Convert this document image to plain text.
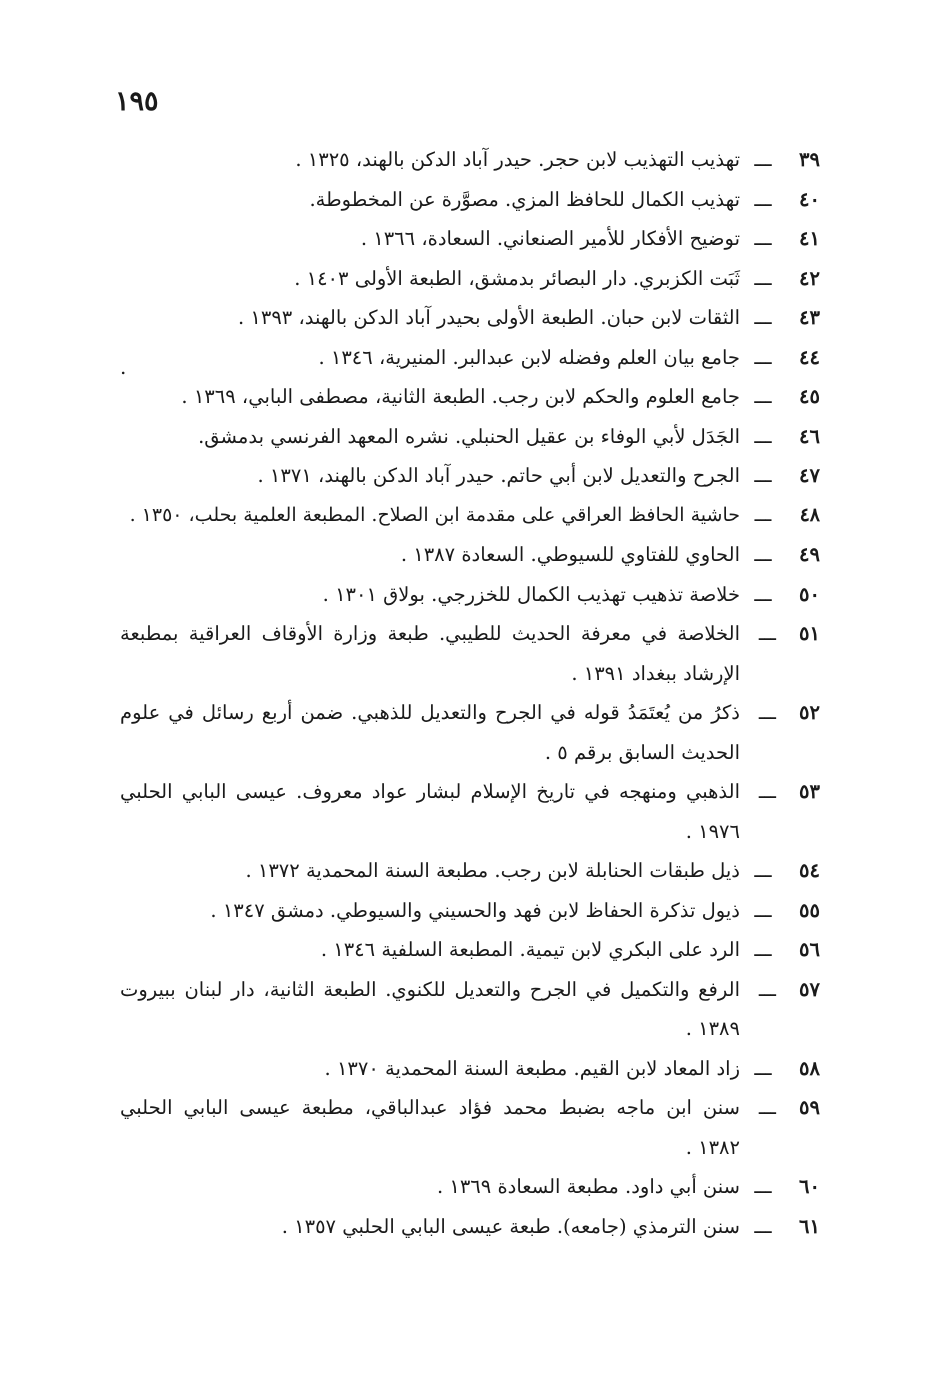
١٩٥
.
٣٩
ـــ
تهذيب التهذيب لابن حجر. حيدر آباد الدكن بالهند، ١٣٢٥ .
٤٠
ـــ
تهذيب الكمال للحافظ المزي. مصوَّرة عن المخطوطة.
٤١
ـــ
توضيح الأفكار للأمير الصنعاني. السعادة، ١٣٦٦ .
٤٢
ـــ
ثَبَت الكزبري. دار البصائر بدمشق، الطبعة الأولى ١٤٠٣ .
٤٣
ـــ
الثقات لابن حبان. الطبعة الأولى بحيدر آباد الدكن بالهند، ١٣٩٣ .
٤٤
ـــ
جامع بيان العلم وفضله لابن عبدالبر. المنيرية، ١٣٤٦ .
٤٥
ـــ
جامع العلوم والحكم لابن رجب. الطبعة الثانية، مصطفى البابي، ١٣٦٩ .
٤٦
ـــ
الجَدَل لأبي الوفاء بن عقيل الحنبلي. نشره المعهد الفرنسي بدمشق.
٤٧
ـــ
الجرح والتعديل لابن أبي حاتم. حيدر آباد الدكن بالهند، ١٣٧١ .
٤٨
ـــ
حاشية الحافظ العراقي على مقدمة ابن الصلاح. المطبعة العلمية بحلب، ١٣٥٠ .
٤٩
ـــ
الحاوي للفتاوي للسيوطي. السعادة ١٣٨٧ .
٥٠
ـــ
خلاصة تذهيب تهذيب الكمال للخزرجي. بولاق ١٣٠١ .
٥١
ـــ
الخلاصة في معرفة الحديث للطيبي. طبعة وزارة الأوقاف العراقية بمطبعة الإرشاد ببغداد ١٣٩١ .
٥٢
ـــ
ذكرُ من يُعتَمَدُ قوله في الجرح والتعديل للذهبي. ضمن أربع رسائل في علوم الحديث السابق برقم ٥ .
٥٣
ـــ
الذهبي ومنهجه في تاريخ الإسلام لبشار عواد معروف. عيسى البابي الحلبي ١٩٧٦ .
٥٤
ـــ
ذيل طبقات الحنابلة لابن رجب. مطبعة السنة المحمدية ١٣٧٢ .
٥٥
ـــ
ذيول تذكرة الحفاظ لابن فهد والحسيني والسيوطي. دمشق ١٣٤٧ .
٥٦
ـــ
الرد على البكري لابن تيمية. المطبعة السلفية ١٣٤٦ .
٥٧
ـــ
الرفع والتكميل في الجرح والتعديل للكنوي. الطبعة الثانية، دار لبنان ببيروت ١٣٨٩ .
٥٨
ـــ
زاد المعاد لابن القيم. مطبعة السنة المحمدية ١٣٧٠ .
٥٩
ـــ
سنن ابن ماجه بضبط محمد فؤاد عبدالباقي، مطبعة عيسى البابي الحلبي ١٣٨٢ .
٦٠
ـــ
سنن أبي داود. مطبعة السعادة ١٣٦٩ .
٦١
ـــ
سنن الترمذي (جامعه). طبعة عيسى البابي الحلبي ١٣٥٧ .
